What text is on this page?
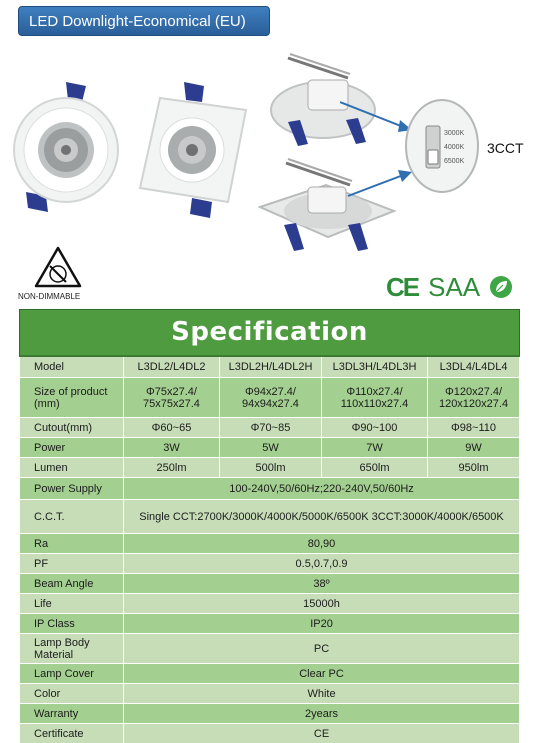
LED Downlight-Economical (EU)
3000K
4000K
6500K
3CCT
NON-DIMMABLE	CE SAA
Specification				
Model	L3DL2/L4DL2	L3DL2H/L4DL2H	L3DL3H/L4DL3H	L3DL4/L4DL4
Size of product (mm)	Φ75x27.4/ 75x75x27.4	Φ94x27.4/ 94x94x27.4	Φ110x27.4/ 110x110x27.4	Φ120x27.4/ 120x120x27.4
Cutout(mm)	Φ60~65	Φ70~85	Φ90~100	Φ98~110
Power	3W	5W	7W	9W
Lumen	250lm	500lm	650lm	950lm
Power Supply	100-240V,50/60Hz;220-240V,50/60Hz			
C.C.T.	Single CCT:2700K/3000K/4000K/5000K/6500K 3CCT:3000K/4000K/6500K			
Ra	80,90			
PF	0.5,0.7,0.9			
Beam Angle	38º			
Life	15000h			
IP Class	IP20			
Lamp Body Material	PC			
Lamp Cover	Clear PC			
Color	White			
Warranty	2years			
Certificate	CE			
